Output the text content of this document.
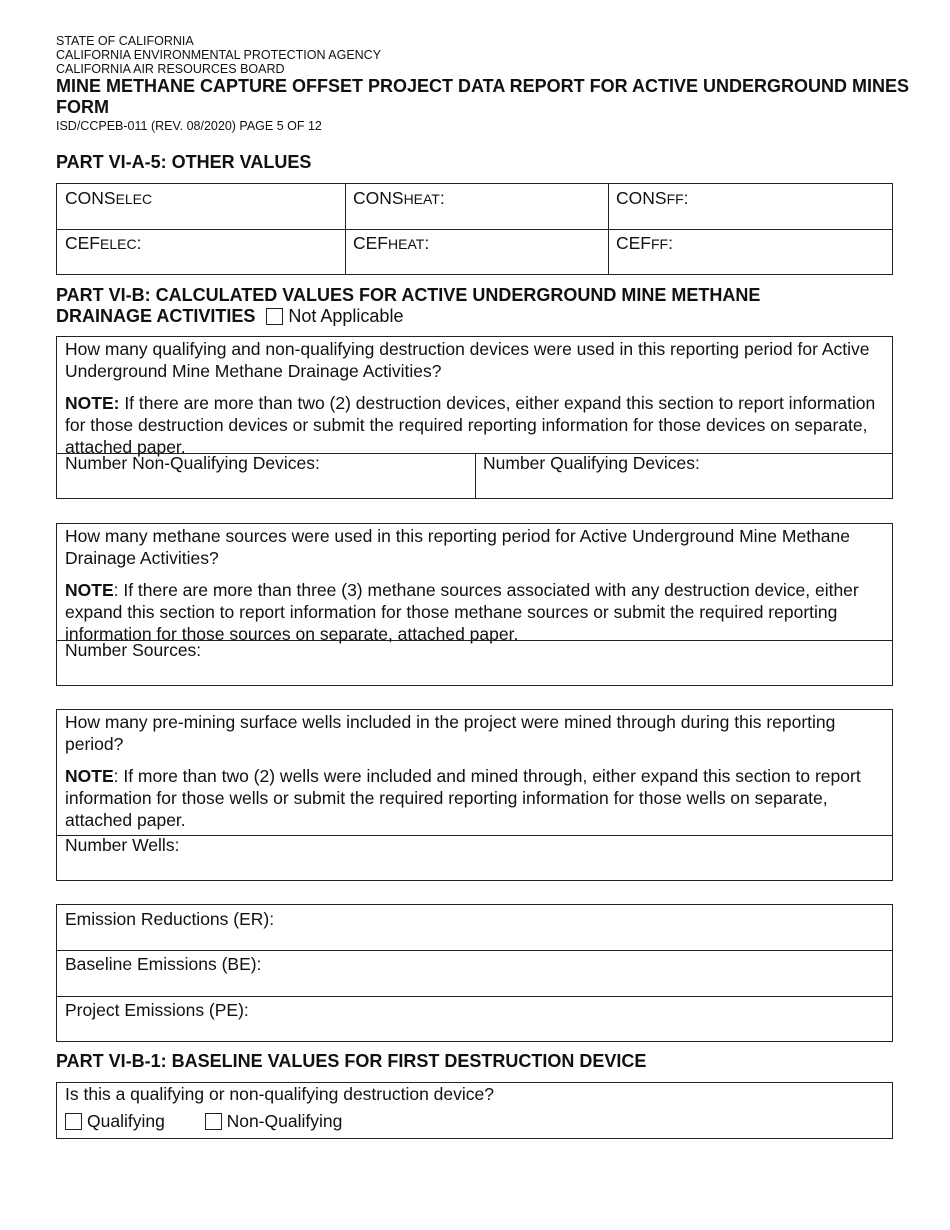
STATE OF CALIFORNIA
CALIFORNIA ENVIRONMENTAL PROTECTION AGENCY
CALIFORNIA AIR RESOURCES BOARD
MINE METHANE CAPTURE OFFSET PROJECT DATA REPORT FOR ACTIVE UNDERGROUND MINES FORM
ISD/CCPEB-011 (REV. 08/2020) PAGE 5 OF 12
PART VI-A-5: OTHER VALUES
CONSELEC	CONSHEAT:	CONSFF:
CEFELEC:	CEFHEAT:	CEFFF:
PART VI-B: CALCULATED VALUES FOR ACTIVE UNDERGROUND MINE METHANE
DRAINAGE ACTIVITIES Not Applicable
How many qualifying and non-qualifying destruction devices were used in this reporting period for Active Underground Mine Methane Drainage Activities?
NOTE: If there are more than two (2) destruction devices, either expand this section to report information for those destruction devices or submit the required reporting information for those devices on separate, attached paper.
Number Non-Qualifying Devices:	Number Qualifying Devices:
How many methane sources were used in this reporting period for Active Underground Mine Methane Drainage Activities?
NOTE: If there are more than three (3) methane sources associated with any destruction device, either expand this section to report information for those methane sources or submit the required reporting information for those sources on separate, attached paper.
Number Sources:
How many pre-mining surface wells included in the project were mined through during this reporting period?
NOTE: If more than two (2) wells were included and mined through, either expand this section to report information for those wells or submit the required reporting information for those wells on separate, attached paper.
Number Wells:
Emission Reductions (ER):
Baseline Emissions (BE):
Project Emissions (PE):
PART VI-B-1: BASELINE VALUES FOR FIRST DESTRUCTION DEVICE
Is this a qualifying or non-qualifying destruction device?
Qualifying	Non-Qualifying
